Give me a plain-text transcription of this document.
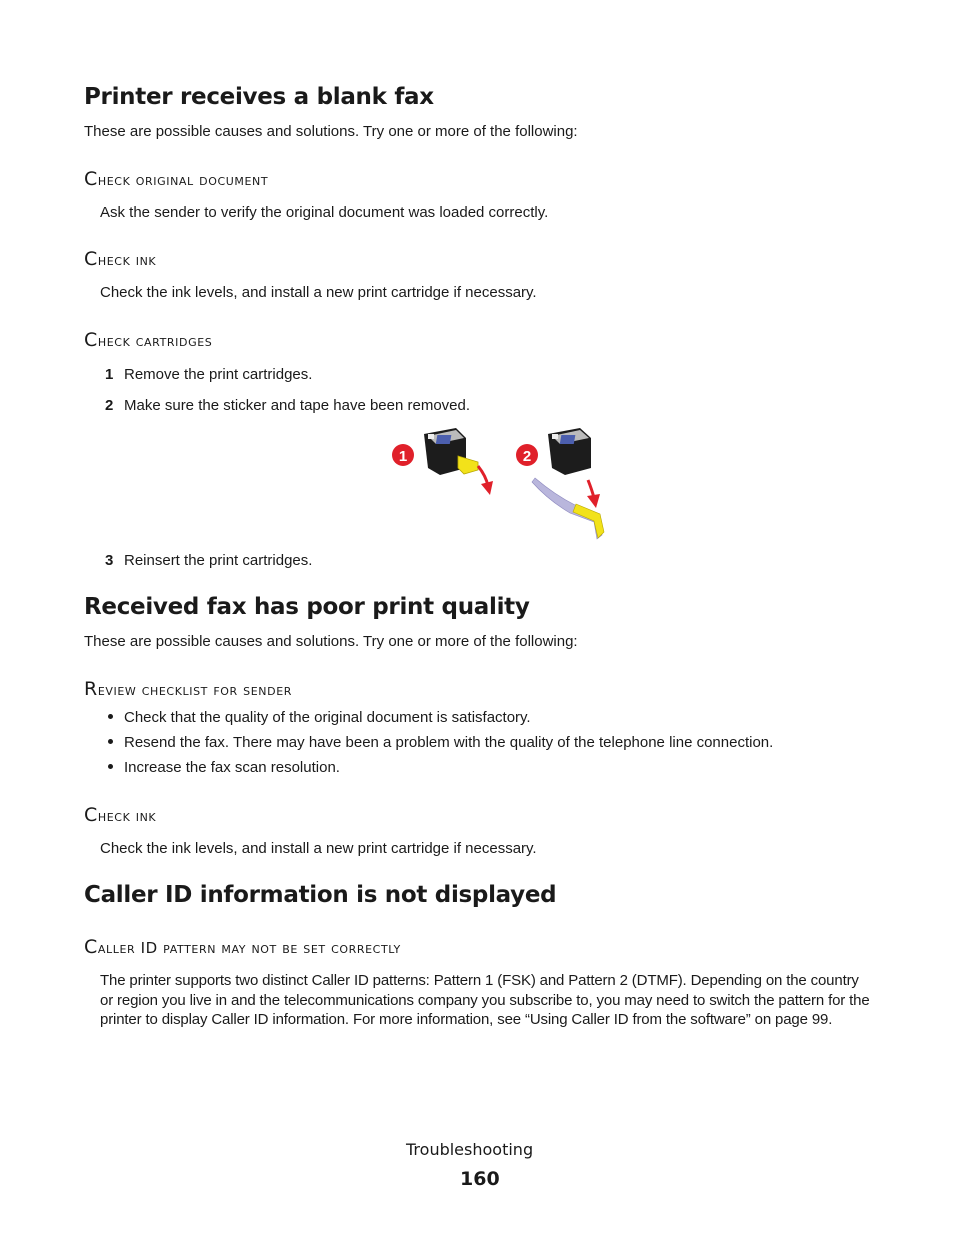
Printer receives a blank fax

These are possible causes and solutions. Try one or more of the following:

Check original document

Ask the sender to verify the original document was loaded correctly.

Check ink

Check the ink levels, and install a new print cartridge if necessary.

Check cartridges
1 Remove the print cartridges.
2 Make sure the sticker and tape have been removed.
1	2
3 Reinsert the print cartridges.
Received fax has poor print quality

These are possible causes and solutions. Try one or more of the following:

Review checklist for sender
Check that the quality of the original document is satisfactory.
Resend the fax. There may have been a problem with the quality of the telephone line connection.
Increase the fax scan resolution.
Check ink

Check the ink levels, and install a new print cartridge if necessary.

Caller ID information is not displayed
Caller ID pattern may not be set correctly

The printer supports two distinct Caller ID patterns: Pattern 1 (FSK) and Pattern 2 (DTMF). Depending on the country or region you live in and the telecommunications company you subscribe to, you may need to switch the pattern for the printer to display Caller ID information. For more information, see “Using Caller ID from the software” on page 99.

Troubleshooting
160
